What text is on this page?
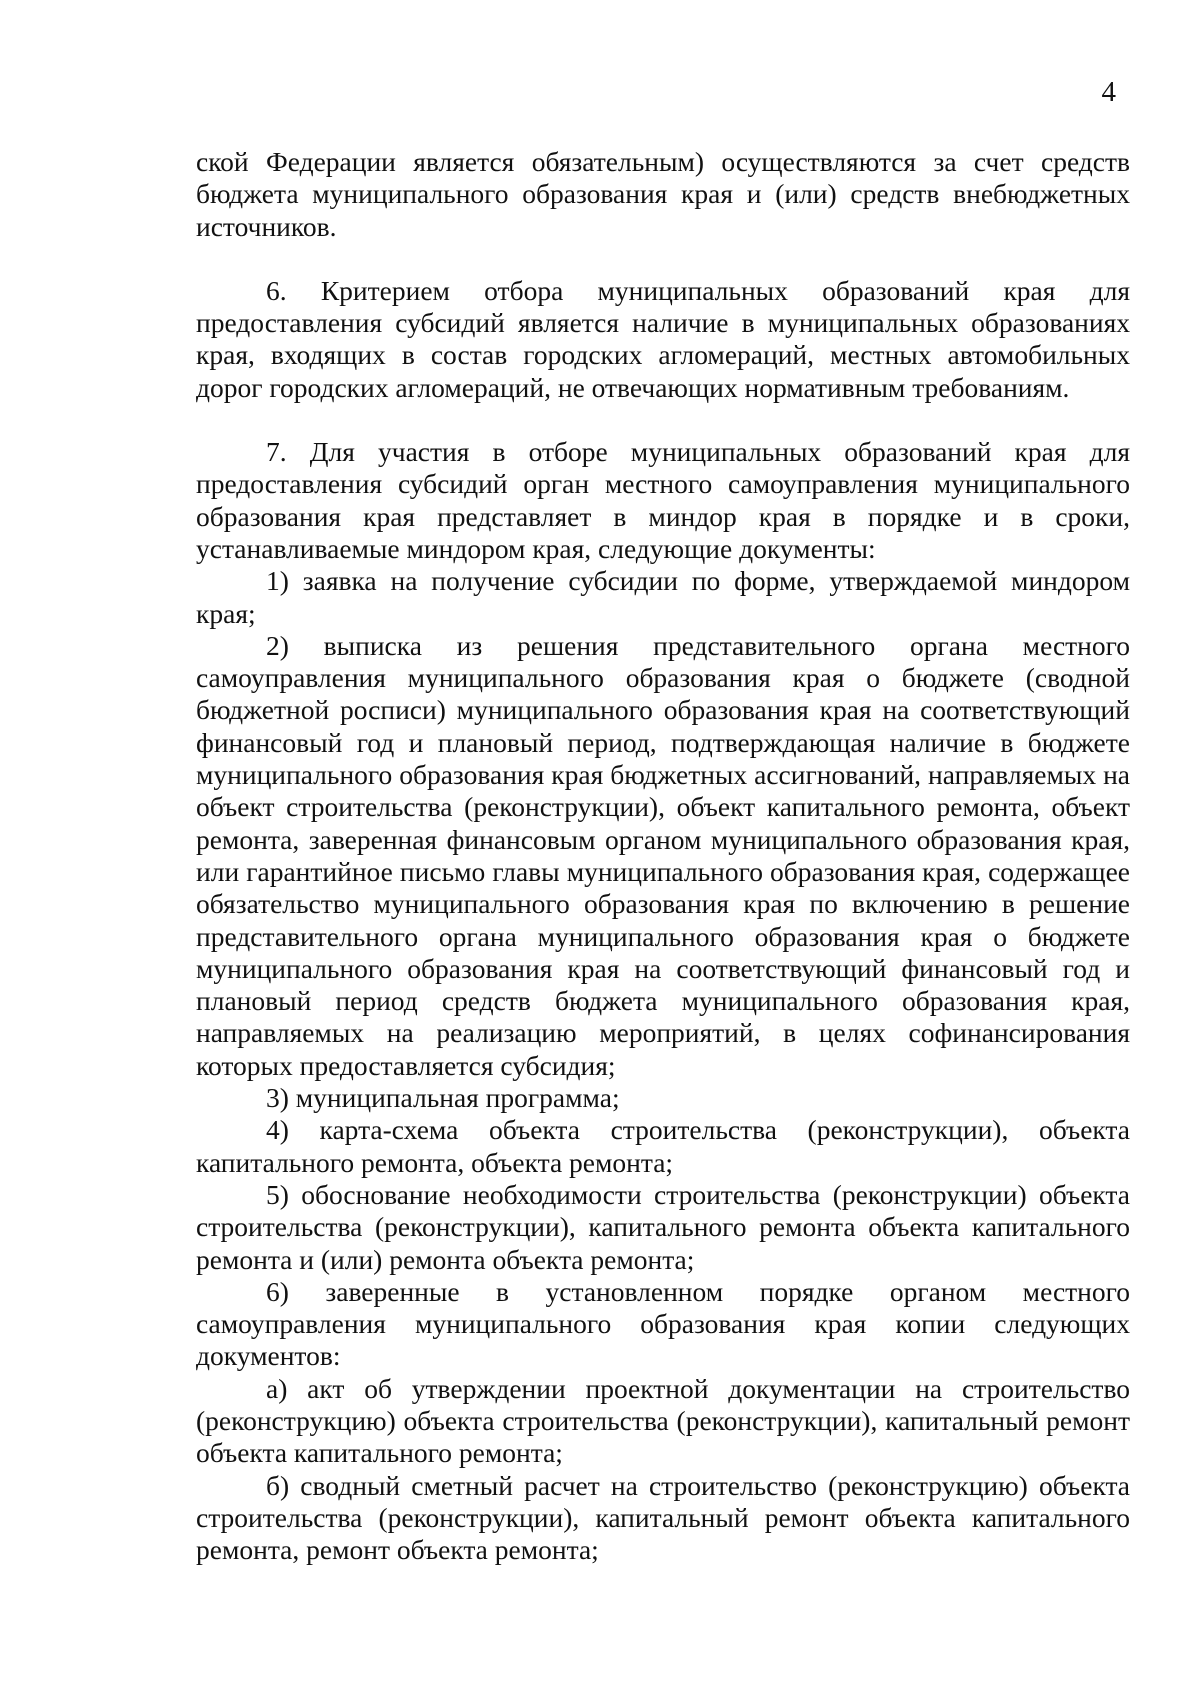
4

ской Федерации является обязательным) осуществляются за счет средств бюджета муниципального образования края и (или) средств внебюджетных источников.

6. Критерием отбора муниципальных образований края для предоставления субсидий является наличие в муниципальных образованиях края, входящих в состав городских агломераций, местных автомобильных дорог городских агломераций, не отвечающих нормативным требованиям.

7. Для участия в отборе муниципальных образований края для предоставления субсидий орган местного самоуправления муниципального образования края представляет в миндор края в порядке и в сроки, устанавливаемые миндором края, следующие документы:

1) заявка на получение субсидии по форме, утверждаемой миндором края;

2) выписка из решения представительного органа местного самоуправления муниципального образования края о бюджете (сводной бюджетной росписи) муниципального образования края на соответствующий финансовый год и плановый период, подтверждающая наличие в бюджете муниципального образования края бюджетных ассигнований, направляемых на объект строительства (реконструкции), объект капитального ремонта, объект ремонта, заверенная финансовым органом муниципального образования края, или гарантийное письмо главы муниципального образования края, содержащее обязательство муниципального образования края по включению в решение представительного органа муниципального образования края о бюджете муниципального образования края на соответствующий финансовый год и плановый период средств бюджета муниципального образования края, направляемых на реализацию мероприятий, в целях софинансирования которых предоставляется субсидия;

3) муниципальная программа;

4) карта-схема объекта строительства (реконструкции), объекта капитального ремонта, объекта ремонта;

5) обоснование необходимости строительства (реконструкции) объекта строительства (реконструкции), капитального ремонта объекта капитального ремонта и (или) ремонта объекта ремонта;

6) заверенные в установленном порядке органом местного самоуправления муниципального образования края копии следующих документов:

а) акт об утверждении проектной документации на строительство (реконструкцию) объекта строительства (реконструкции), капитальный ремонт объекта капитального ремонта;

б) сводный сметный расчет на строительство (реконструкцию) объекта строительства (реконструкции), капитальный ремонт объекта капитального ремонта, ремонт объекта ремонта;
